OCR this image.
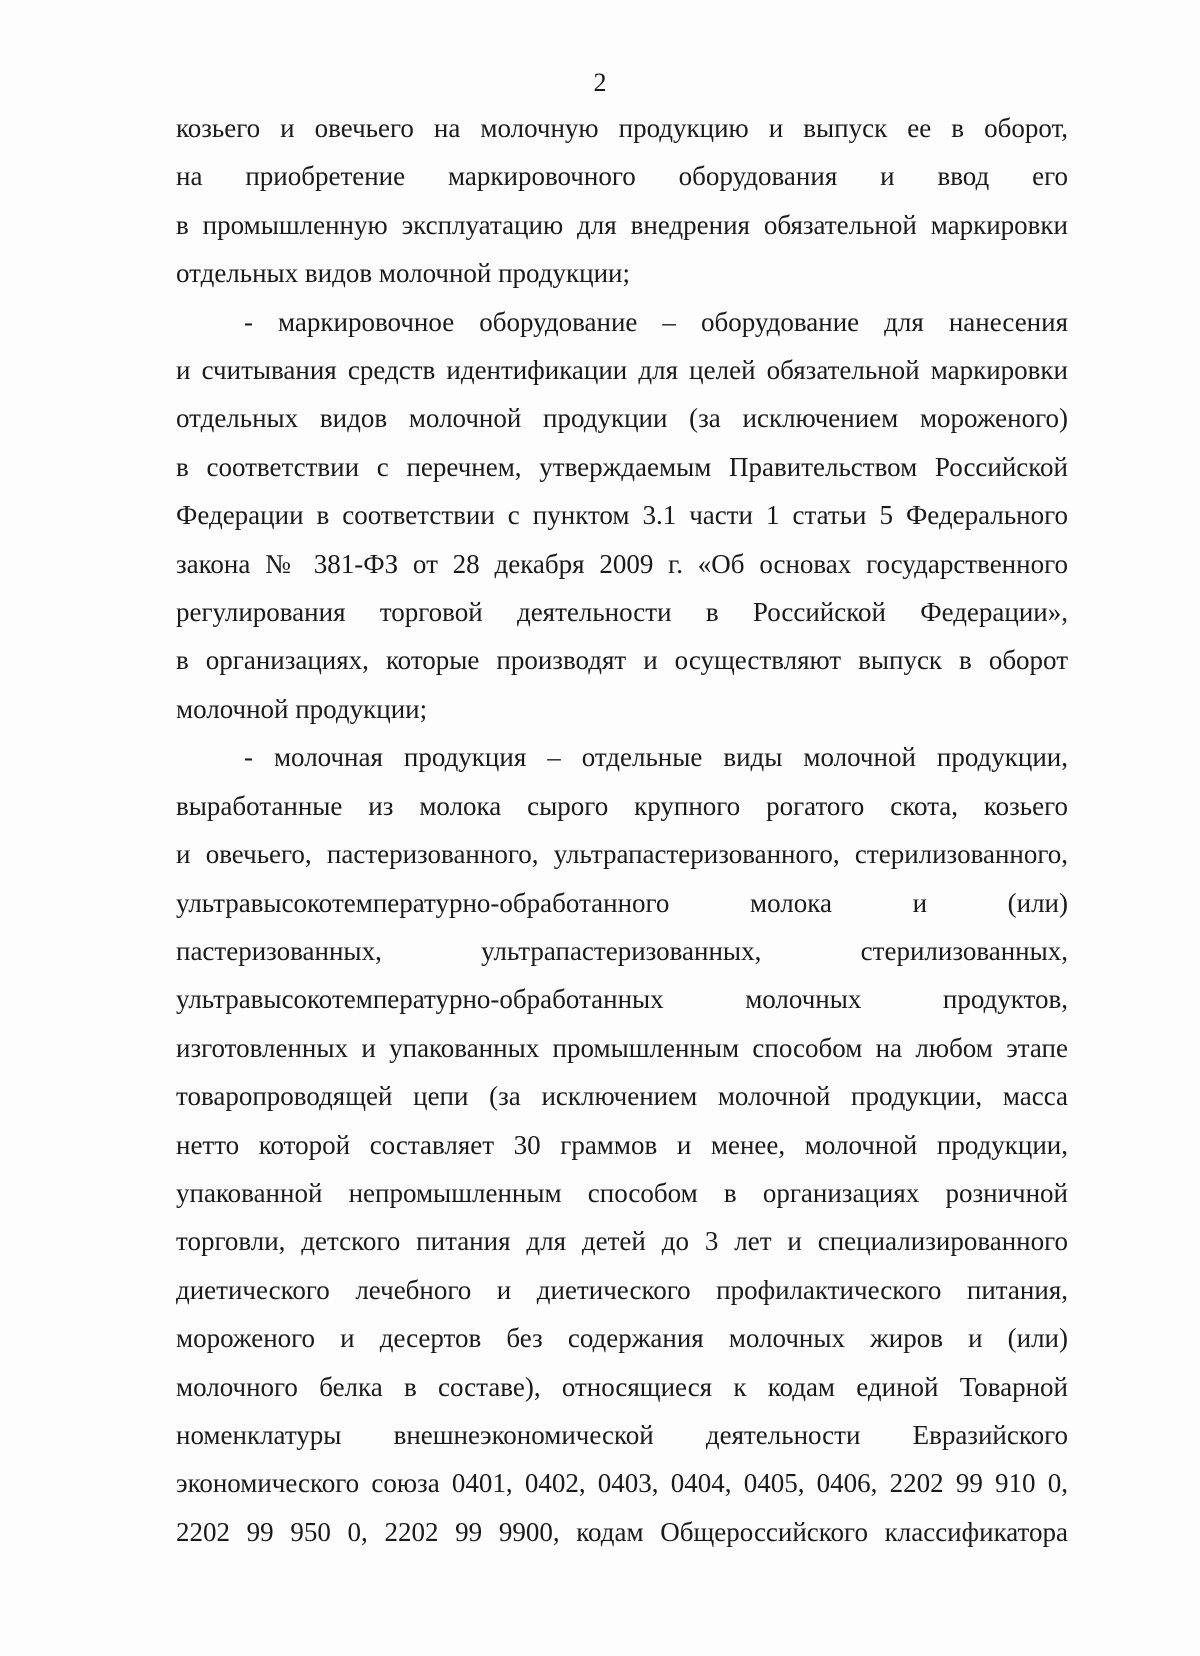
2

козьего и овечьего на молочную продукцию и выпуск ее в оборот,
на приобретение маркировочного оборудования и ввод его
в промышленную эксплуатацию для внедрения обязательной маркировки
отдельных видов молочной продукции;

- маркировочное оборудование – оборудование для нанесения
и считывания средств идентификации для целей обязательной маркировки
отдельных видов молочной продукции (за исключением мороженого)
в соответствии с перечнем, утверждаемым Правительством Российской
Федерации в соответствии с пунктом 3.1 части 1 статьи 5 Федерального
закона № 381-ФЗ от 28 декабря 2009 г. «Об основах государственного
регулирования торговой деятельности в Российской Федерации»,
в организациях, которые производят и осуществляют выпуск в оборот
молочной продукции;

- молочная продукция – отдельные виды молочной продукции,
выработанные из молока сырого крупного рогатого скота, козьего
и овечьего, пастеризованного, ультрапастеризованного, стерилизованного,
ультравысокотемпературно-обработанного молока и (или)
пастеризованных, ультрапастеризованных, стерилизованных,
ультравысокотемпературно-обработанных молочных продуктов,
изготовленных и упакованных промышленным способом на любом этапе
товаропроводящей цепи (за исключением молочной продукции, масса
нетто которой составляет 30 граммов и менее, молочной продукции,
упакованной непромышленным способом в организациях розничной
торговли, детского питания для детей до 3 лет и специализированного
диетического лечебного и диетического профилактического питания,
мороженого и десертов без содержания молочных жиров и (или)
молочного белка в составе), относящиеся к кодам единой Товарной
номенклатуры внешнеэкономической деятельности Евразийского
экономического союза 0401, 0402, 0403, 0404, 0405, 0406, 2202 99 910 0,
2202 99 950 0, 2202 99 9900, кодам Общероссийского классификатора
